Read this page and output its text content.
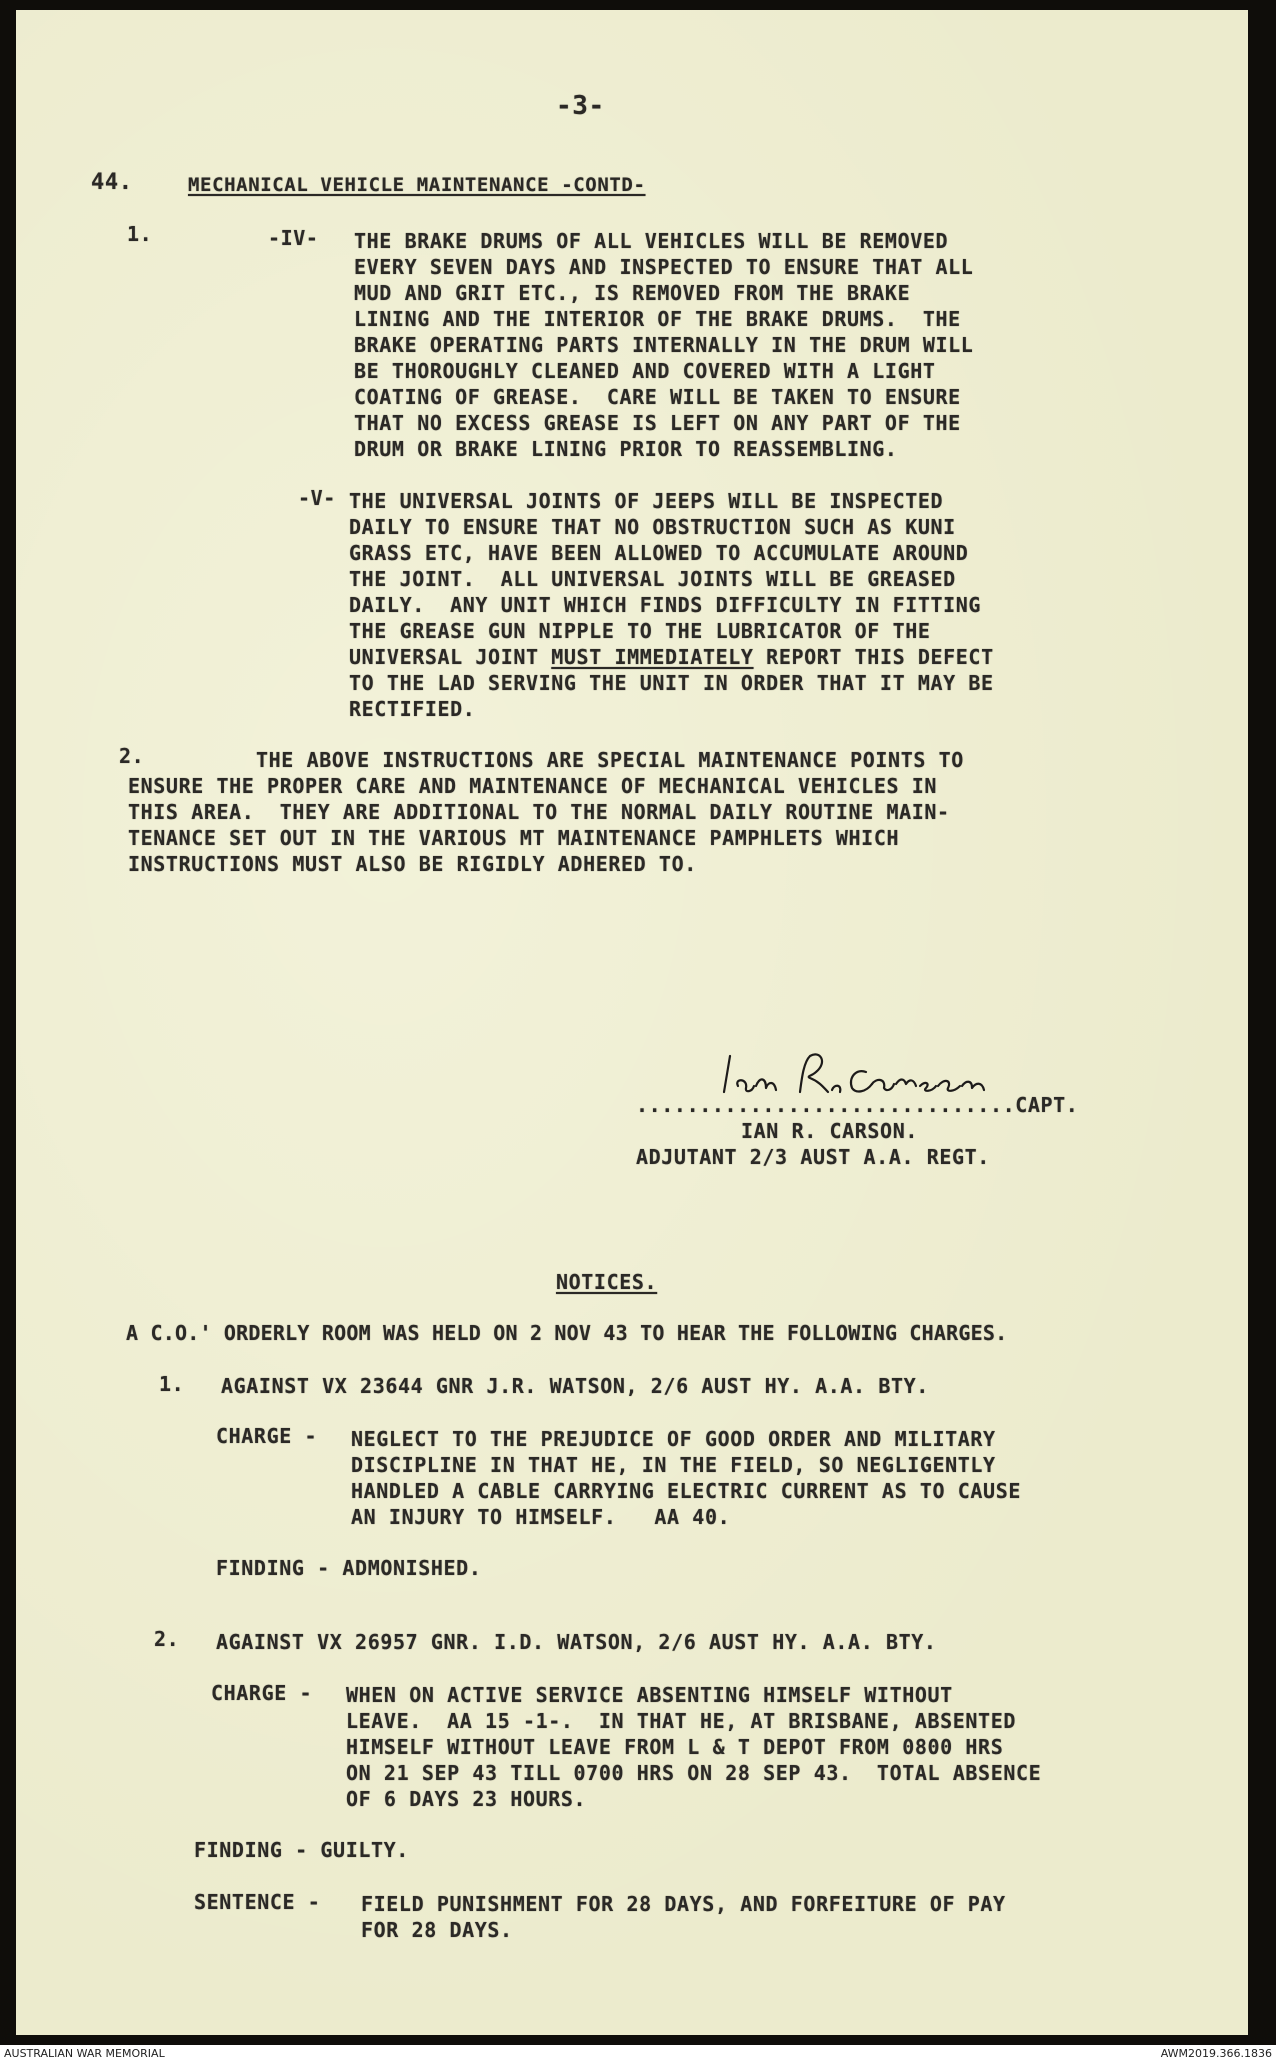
-3-

44.	MECHANICAL VEHICLE MAINTENANCE -CONTD-

1.	-IV- THE BRAKE DRUMS OF ALL VEHICLES WILL BE REMOVED

EVERY SEVEN DAYS AND INSPECTED TO ENSURE THAT ALL

MUD AND GRIT ETC., IS REMOVED FROM THE BRAKE

LINING AND THE INTERIOR OF THE BRAKE DRUMS.  THE

BRAKE OPERATING PARTS INTERNALLY IN THE DRUM WILL

BE THOROUGHLY CLEANED AND COVERED WITH A LIGHT

COATING OF GREASE.  CARE WILL BE TAKEN TO ENSURE

THAT NO EXCESS GREASE IS LEFT ON ANY PART OF THE

DRUM OR BRAKE LINING PRIOR TO REASSEMBLING.

-V- THE UNIVERSAL JOINTS OF JEEPS WILL BE INSPECTED

DAILY TO ENSURE THAT NO OBSTRUCTION SUCH AS KUNI

GRASS ETC, HAVE BEEN ALLOWED TO ACCUMULATE AROUND

THE JOINT.  ALL UNIVERSAL JOINTS WILL BE GREASED

DAILY.  ANY UNIT WHICH FINDS DIFFICULTY IN FITTING

THE GREASE GUN NIPPLE TO THE LUBRICATOR OF THE

UNIVERSAL JOINT MUST IMMEDIATELY REPORT THIS DEFECT

TO THE LAD SERVING THE UNIT IN ORDER THAT IT MAY BE

RECTIFIED.

2.	THE ABOVE INSTRUCTIONS ARE SPECIAL MAINTENANCE POINTS TO

ENSURE THE PROPER CARE AND MAINTENANCE OF MECHANICAL VEHICLES IN

THIS AREA.  THEY ARE ADDITIONAL TO THE NORMAL DAILY ROUTINE MAIN-

TENANCE SET OUT IN THE VARIOUS MT MAINTENANCE PAMPHLETS WHICH

INSTRUCTIONS MUST ALSO BE RIGIDLY ADHERED TO.

..............................CAPT.

IAN R. CARSON.

ADJUTANT 2/3 AUST A.A. REGT.

NOTICES.

A C.O.' ORDERLY ROOM WAS HELD ON 2 NOV 43 TO HEAR THE FOLLOWING CHARGES.

1. AGAINST VX 23644 GNR J.R. WATSON, 2/6 AUST HY. A.A. BTY.

CHARGE - NEGLECT TO THE PREJUDICE OF GOOD ORDER AND MILITARY

DISCIPLINE IN THAT HE, IN THE FIELD, SO NEGLIGENTLY

HANDLED A CABLE CARRYING ELECTRIC CURRENT AS TO CAUSE

AN INJURY TO HIMSELF.   AA 40.

FINDING - ADMONISHED.

2. AGAINST VX 26957 GNR. I.D. WATSON, 2/6 AUST HY. A.A. BTY.

CHARGE - WHEN ON ACTIVE SERVICE ABSENTING HIMSELF WITHOUT

LEAVE.  AA 15 -1-.  IN THAT HE, AT BRISBANE, ABSENTED

HIMSELF WITHOUT LEAVE FROM L & T DEPOT FROM 0800 HRS

ON 21 SEP 43 TILL 0700 HRS ON 28 SEP 43.  TOTAL ABSENCE

OF 6 DAYS 23 HOURS.

FINDING - GUILTY.

SENTENCE - FIELD PUNISHMENT FOR 28 DAYS, AND FORFEITURE OF PAY

FOR 28 DAYS.

AUSTRALIAN WAR MEMORIAL	AWM2019.366.1836
